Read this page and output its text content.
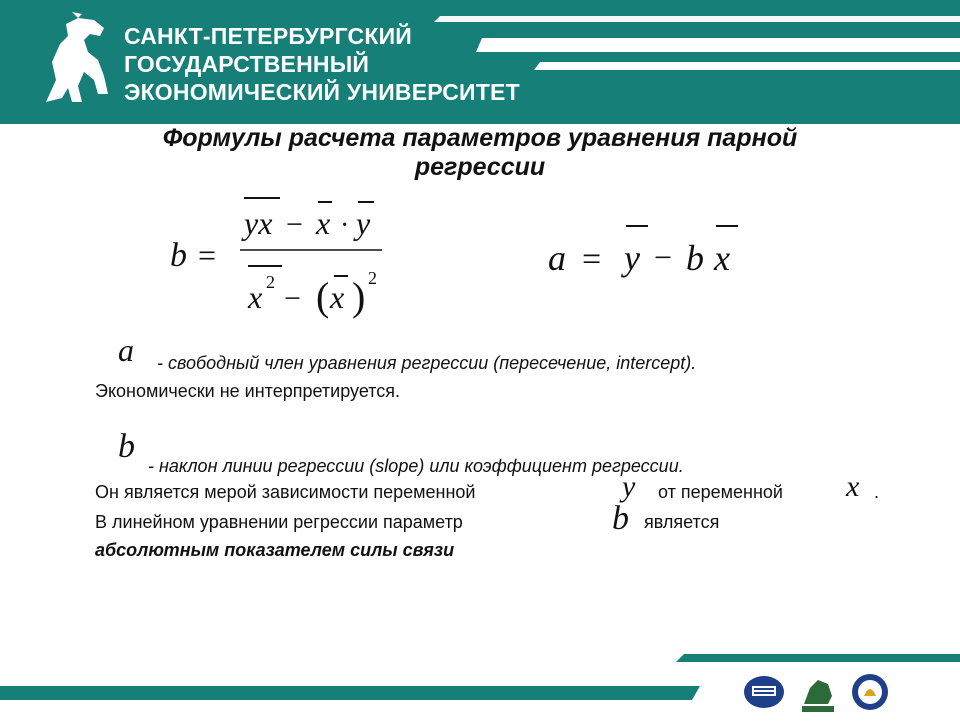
САНКТ-ПЕТЕРБУРГСКИЙ
ГОСУДАРСТВЕННЫЙ
ЭКОНОМИЧЕСКИЙ УНИВЕРСИТЕТ
Формулы расчета параметров уравнения парной
регрессии
b =
yx − x · y
x 2 − ( x ) 2	a = y − b x
a - свободный член уравнения регрессии (пересечение, intercept).
Экономически не интерпретируется.
b
- наклон линии регрессии (slope) или коэффициент регрессии.
Он является мерой зависимости переменной	y от переменной x .
В линейном уравнении регрессии параметр	b является
абсолютным показателем силы связи
